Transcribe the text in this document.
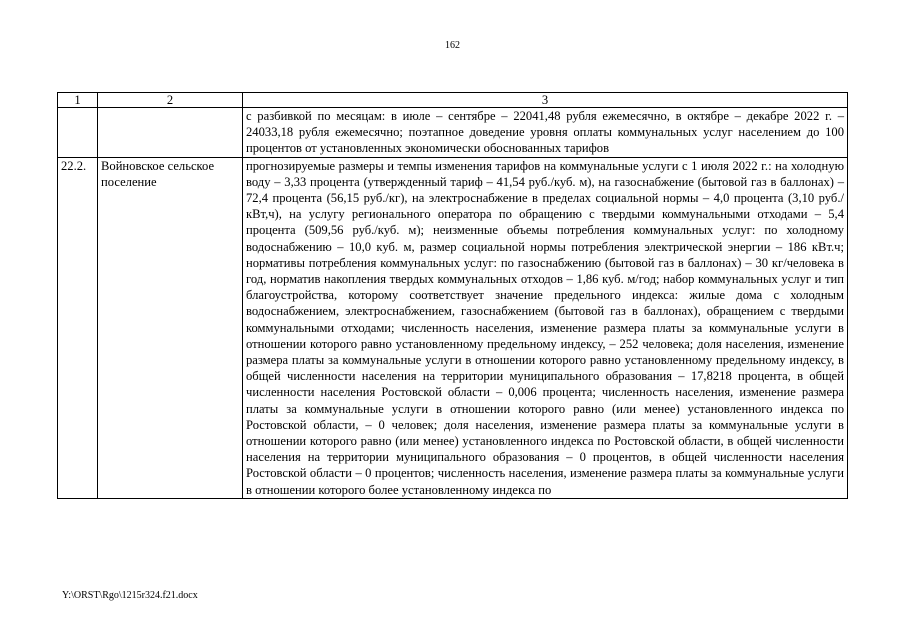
162
1	2	3
		с разбивкой по месяцам: в июле – сентябре – 22041,48 рубля ежемесячно, в октябре – декабре 2022 г. – 24033,18 рубля ежемесячно; поэтапное доведение уровня оплаты коммунальных услуг населением до 100 процентов от установленных экономически обоснованных тарифов
22.2.	Войновское сельское поселение	прогнозируемые размеры и темпы изменения тарифов на коммунальные услуги с 1 июля 2022 г.: на холодную воду – 3,33 процента (утвержденный тариф – 41,54 руб./куб. м), на газоснабжение (бытовой газ в баллонах) – 72,4 процента (56,15 руб./кг), на электроснабжение в пределах социальной нормы – 4,0 процента (3,10 руб./кВт,ч), на услугу регионального оператора по обращению с твердыми коммунальными отходами – 5,4 процента (509,56 руб./куб. м); неизменные объемы потребления коммунальных услуг: по холодному водоснабжению – 10,0 куб. м, размер социальной нормы потребления электрической энергии – 186 кВт.ч; нормативы потребления коммунальных услуг: по газоснабжению (бытовой газ в баллонах) – 30 кг/человека в год, норматив накопления твердых коммунальных отходов – 1,86 куб. м/год; набор коммунальных услуг и тип благоустройства, которому соответствует значение предельного индекса: жилые дома с холодным водоснабжением, электроснабжением, газоснабжением (бытовой газ в баллонах), обращением с твердыми коммунальными отходами; численность населения, изменение размера платы за коммунальные услуги в отношении которого равно установленному предельному индексу, – 252 человека; доля населения, изменение размера платы за коммунальные услуги в отношении которого равно установленному предельному индексу, в общей численности населения на территории муниципального образования – 17,8218 процента, в общей численности населения Ростовской области – 0,006 процента; численность населения, изменение размера платы за коммунальные услуги в отношении которого равно (или менее) установленного индекса по Ростовской области, – 0 человек; доля населения, изменение размера платы за коммунальные услуги в отношении которого равно (или менее) установленного индекса по Ростовской области, в общей численности населения на территории муниципального образования – 0 процентов, в общей численности населения Ростовской области – 0 процентов; численность населения, изменение размера платы за коммунальные услуги в отношении которого более установленному индекса по
Y:\ORST\Rgo\1215r324.f21.docx
